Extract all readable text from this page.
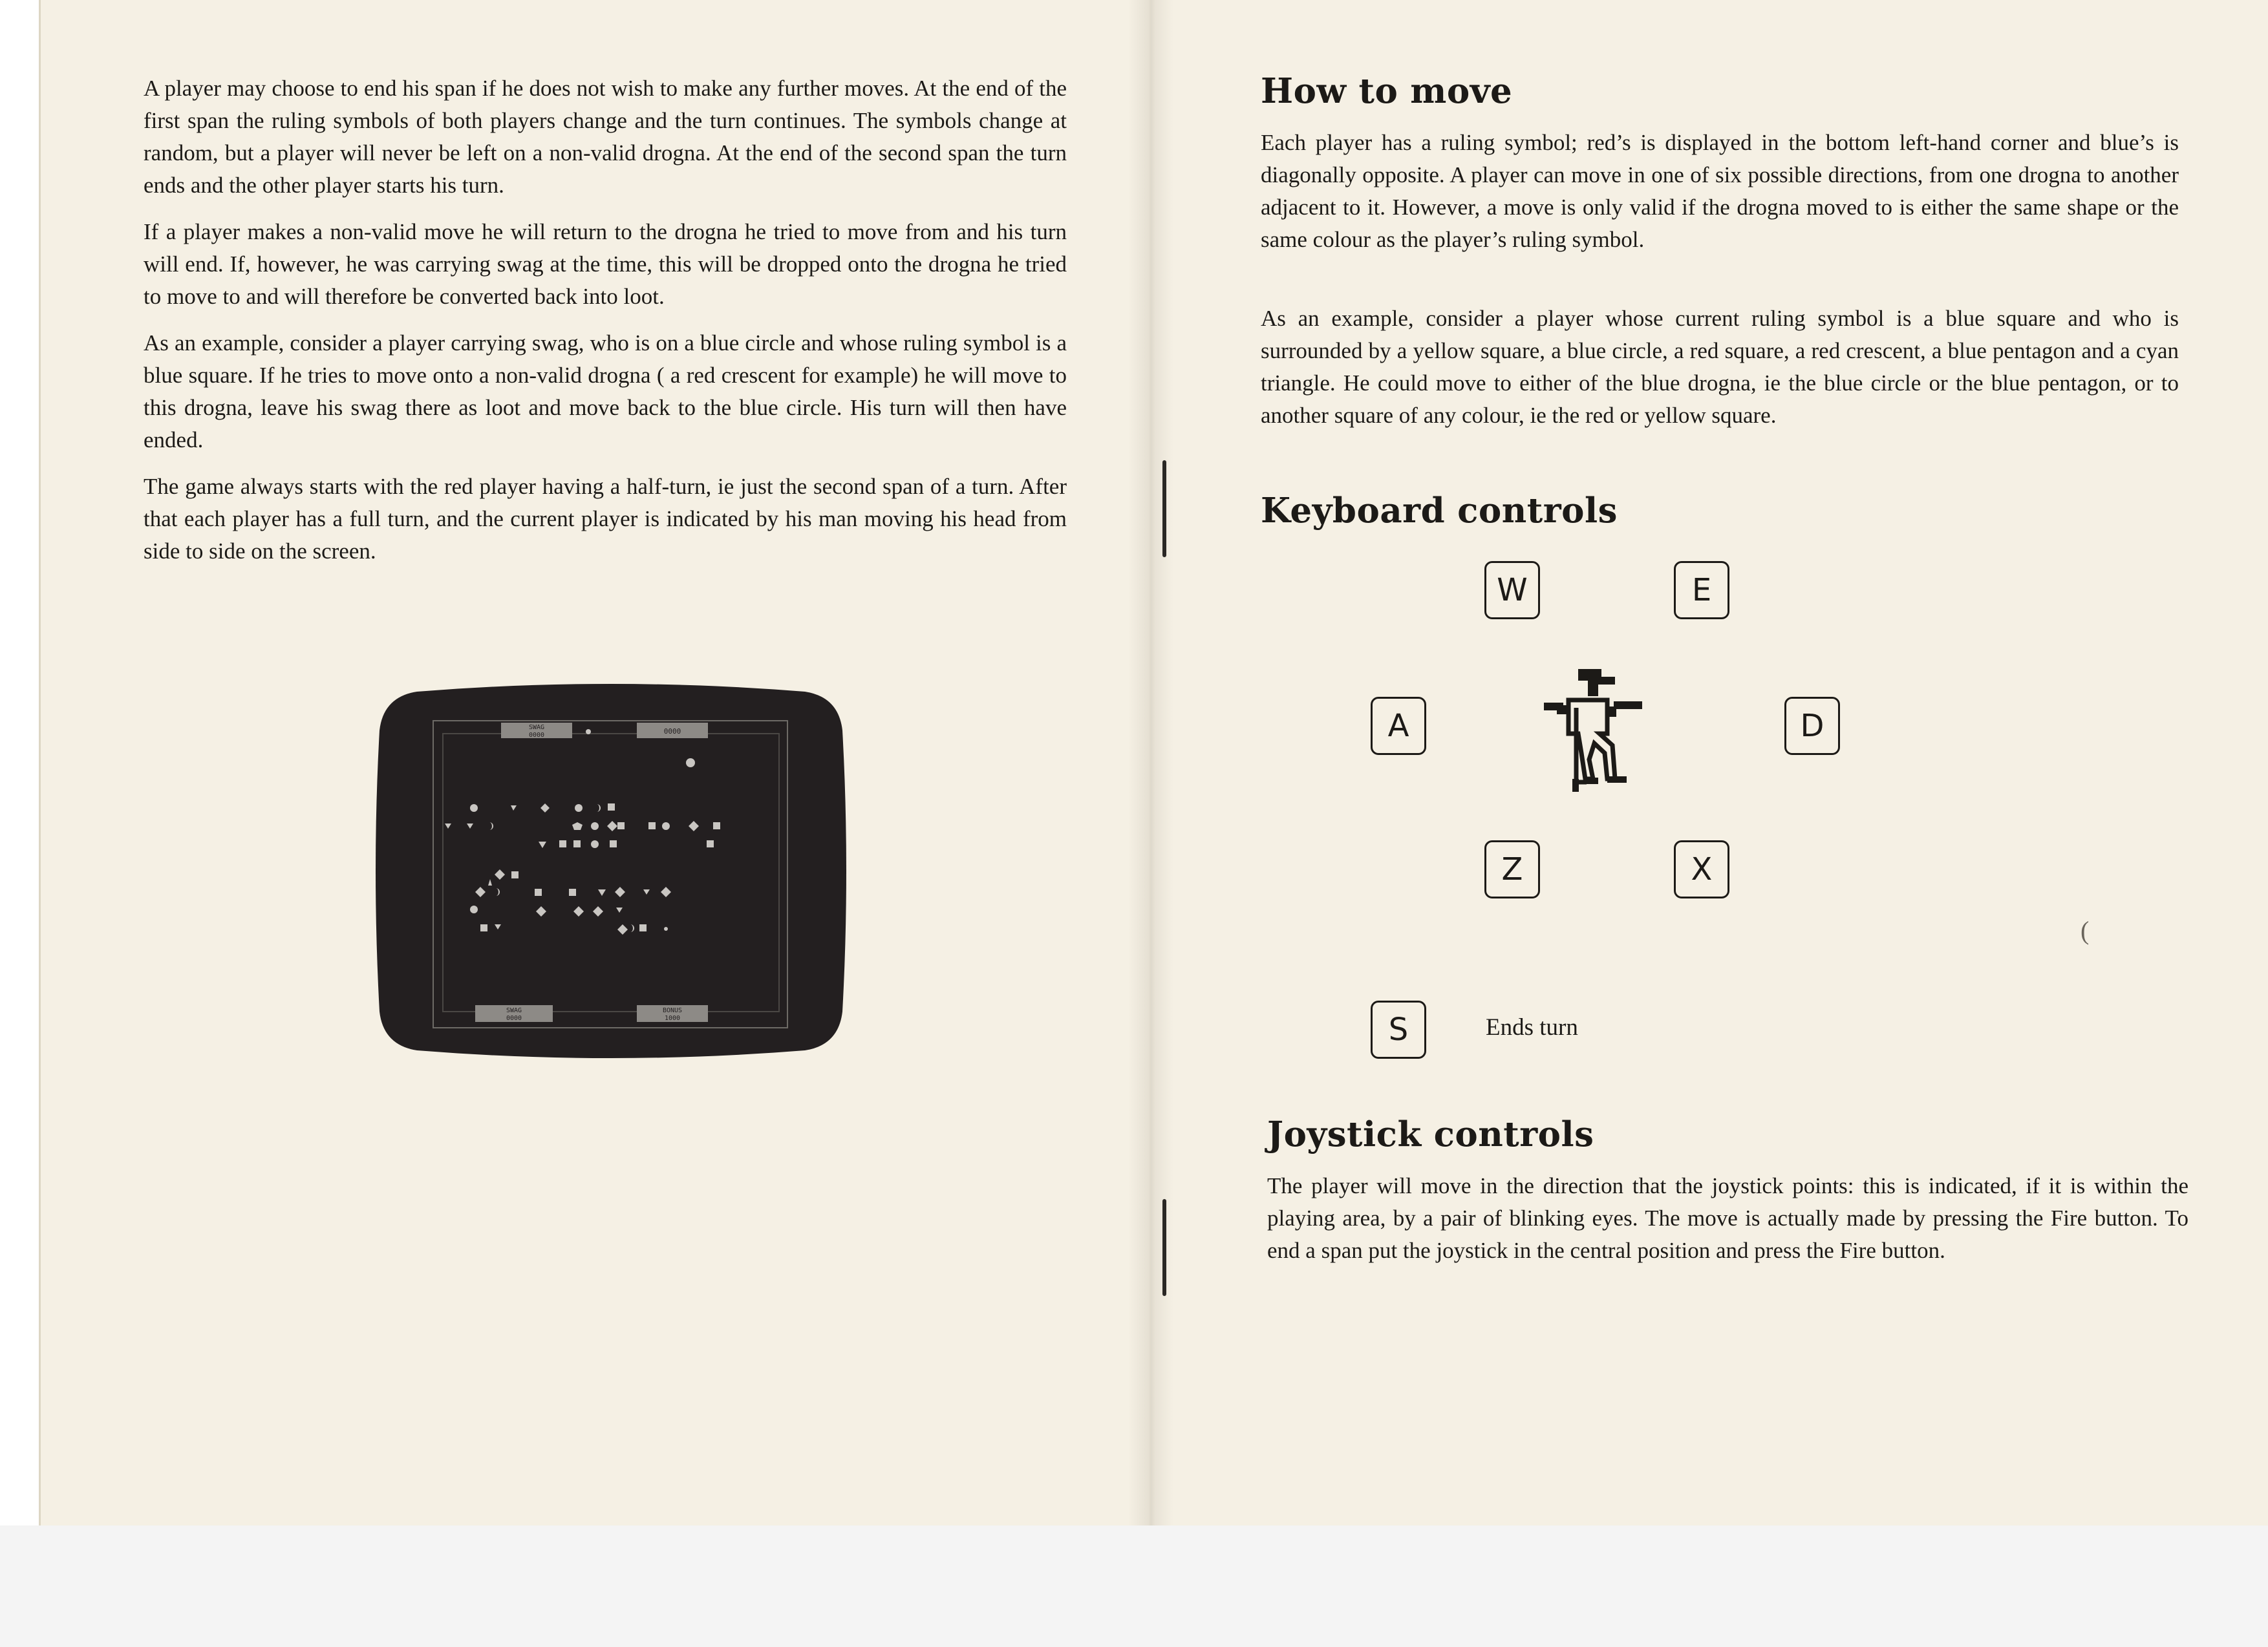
A player may choose to end his span if he does not wish to make any further moves. At the end of the first span the ruling symbols of both players change and the turn continues. The symbols change at random, but a player will never be left on a non-valid drogna. At the end of the second span the turn ends and the other player starts his turn.

If a player makes a non-valid move he will return to the drogna he tried to move from and his turn will end. If, however, he was carrying swag at the time, this will be dropped onto the drogna he tried to move to and will therefore be converted back into loot.

As an example, consider a player carrying swag, who is on a blue circle and whose ruling symbol is a blue square. If he tries to move onto a non-valid drogna ( a red crescent for example) he will move to this drogna, leave his swag there as loot and move back to the blue circle. His turn will then have ended.

The game always starts with the red player having a half-turn, ie just the second span of a turn. After that each player has a full turn, and the current player is indicated by his man moving his head from side to side on the screen.

SWAG
0000	0000
SWAG
0000
BONUS
1000
How to move

Each player has a ruling symbol; red’s is displayed in the bottom left-hand corner and blue’s is diagonally opposite. A player can move in one of six possible directions, from one drogna to another adjacent to it. However, a move is only valid if the drogna moved to is either the same shape or the same colour as the player’s ruling symbol.

As an example, consider a player whose current ruling symbol is a blue square and who is surrounded by a yellow square, a blue circle, a red square, a red crescent, a blue pentagon and a cyan triangle. He could move to either of the blue drogna, ie the blue circle or the blue pentagon, or to another square of any colour, ie the red or yellow square.

Keyboard controls
W	E
A	D
Z	X
S	Ends turn
Joystick controls

The player will move in the direction that the joystick points: this is indicated, if it is within the playing area, by a pair of blinking eyes. The move is actually made by pressing the Fire button. To end a span put the joystick in the central position and press the Fire button.

(
